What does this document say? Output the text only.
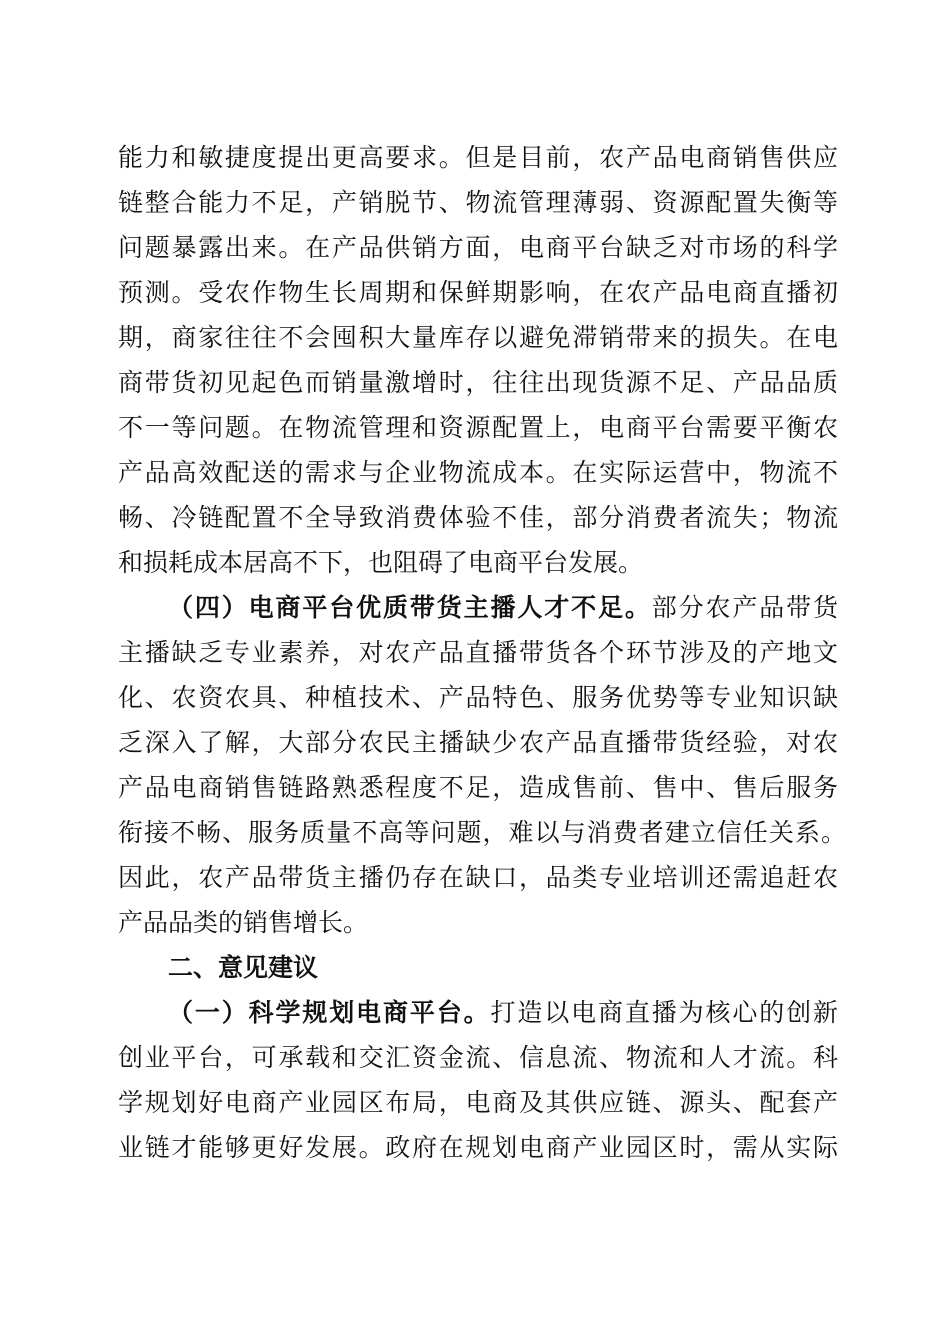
能力和敏捷度提出更高要求。但是目前，农产品电商销售供应
链整合能力不足，产销脱节、物流管理薄弱、资源配置失衡等
问题暴露出来。在产品供销方面，电商平台缺乏对市场的科学
预测。受农作物生长周期和保鲜期影响，在农产品电商直播初
期，商家往往不会囤积大量库存以避免滞销带来的损失。在电
商带货初见起色而销量激增时，往往出现货源不足、产品品质
不一等问题。在物流管理和资源配置上，电商平台需要平衡农
产品高效配送的需求与企业物流成本。在实际运营中，物流不
畅、冷链配置不全导致消费体验不佳，部分消费者流失；物流
和损耗成本居高不下，也阻碍了电商平台发展。
（四）电商平台优质带货主播人才不足。部分农产品带货
主播缺乏专业素养，对农产品直播带货各个环节涉及的产地文
化、农资农具、种植技术、产品特色、服务优势等专业知识缺
乏深入了解，大部分农民主播缺少农产品直播带货经验，对农
产品电商销售链路熟悉程度不足，造成售前、售中、售后服务
衔接不畅、服务质量不高等问题，难以与消费者建立信任关系。
因此，农产品带货主播仍存在缺口，品类专业培训还需追赶农
产品品类的销售增长。
二、意见建议
（一）科学规划电商平台。打造以电商直播为核心的创新
创业平台，可承载和交汇资金流、信息流、物流和人才流。科
学规划好电商产业园区布局，电商及其供应链、源头、配套产
业链才能够更好发展。政府在规划电商产业园区时，需从实际
